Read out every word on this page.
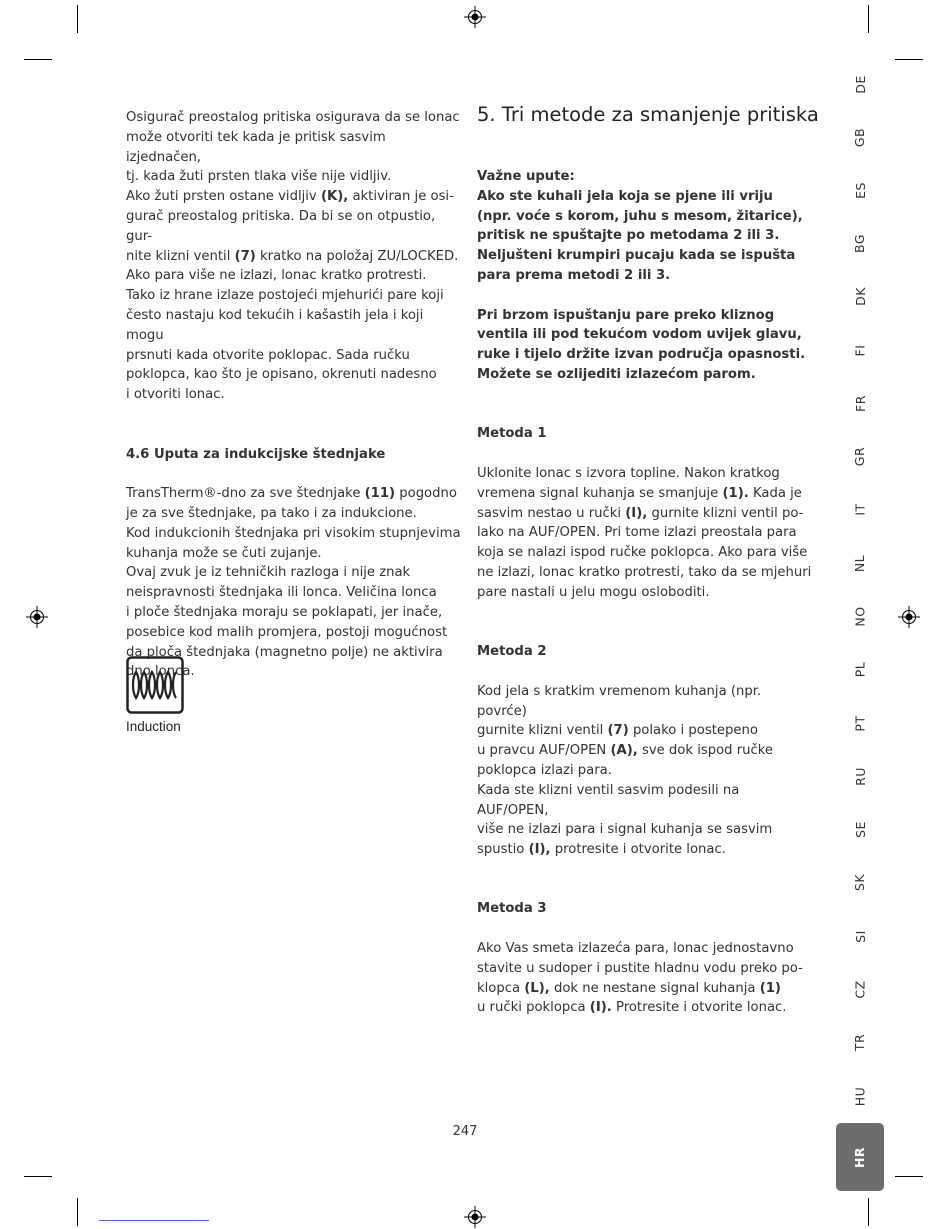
Osigurač preostalog pritiska osigurava da se lonac

može otvoriti tek kada je pritisk sasvim izjednačen,

tj. kada žuti prsten tlaka više nije vidljiv.

Ako žuti prsten ostane vidljiv (K), aktiviran je osi-

gurač preostalog pritiska. Da bi se on otpustio, gur-

nite klizni ventil (7) kratko na položaj ZU/LOCKED.

Ako para više ne izlazi, lonac kratko protresti.

Tako iz hrane izlaze postojeći mjehurići pare koji

često nastaju kod tekućih i kašastih jela i koji mogu

prsnuti kada otvorite poklopac. Sada ručku

poklopca, kao što je opisano, okrenuti nadesno

i otvoriti lonac.

4.6 Uputa za indukcijske štednjake

TransTherm®-dno za sve štednjake (11) pogodno

je za sve štednjake, pa tako i za indukcione.

Kod indukcionih štednjaka pri visokim stupnjevima

kuhanja može se čuti zujanje.

Ovaj zvuk je iz tehničkih razloga i nije znak

neispravnosti štednjaka ili lonca. Veličina lonca

i ploče štednjaka moraju se poklapati, jer inače,

posebice kod malih promjera, postoji mogućnost

da ploča štednjaka (magnetno polje) ne aktivira

dno lonca.

Induction
5. Tri metode za smanjenje pritiska

Važne upute:

Ako ste kuhali jela koja se pjene ili vriju

(npr. voće s korom, juhu s mesom, žitarice),

pritisk ne spuštajte po metodama 2 ili 3.

Neljušteni krumpiri pucaju kada se ispušta

para prema metodi 2 ili 3.

Pri brzom ispuštanju pare preko kliznog

ventila ili pod tekućom vodom uvijek glavu,

ruke i tijelo držite izvan područja opasnosti.

Možete se ozlijediti izlazećom parom.

Metoda 1

Uklonite lonac s izvora topline. Nakon kratkog

vremena signal kuhanja se smanjuje (1). Kada je

sasvim nestao u ručki (I), gurnite klizni ventil po-

lako na AUF/OPEN. Pri tome izlazi preostala para

koja se nalazi ispod ručke poklopca. Ako para više

ne izlazi, lonac kratko protresti, tako da se mjehuri

pare nastali u jelu mogu osloboditi.

Metoda 2

Kod jela s kratkim vremenom kuhanja (npr. povrće)

gurnite klizni ventil (7) polako i postepeno

u pravcu AUF/OPEN (A), sve dok ispod ručke

poklopca izlazi para.

Kada ste klizni ventil sasvim podesili na AUF/OPEN,

više ne izlazi para i signal kuhanja se sasvim

spustio (I), protresite i otvorite lonac.

Metoda 3

Ako Vas smeta izlazeća para, lonac jednostavno

stavite u sudoper i pustite hladnu vodu preko po-

klopca (L), dok ne nestane signal kuhanja (1)

u ručki poklopca (I). Protresite i otvorite lonac.

DE
GB
ES
BG
DK
FI
FR
GR
IT
NL
NO
PL
PT
RU
SE
SK
SI
CZ
TR
HU
HR
247
